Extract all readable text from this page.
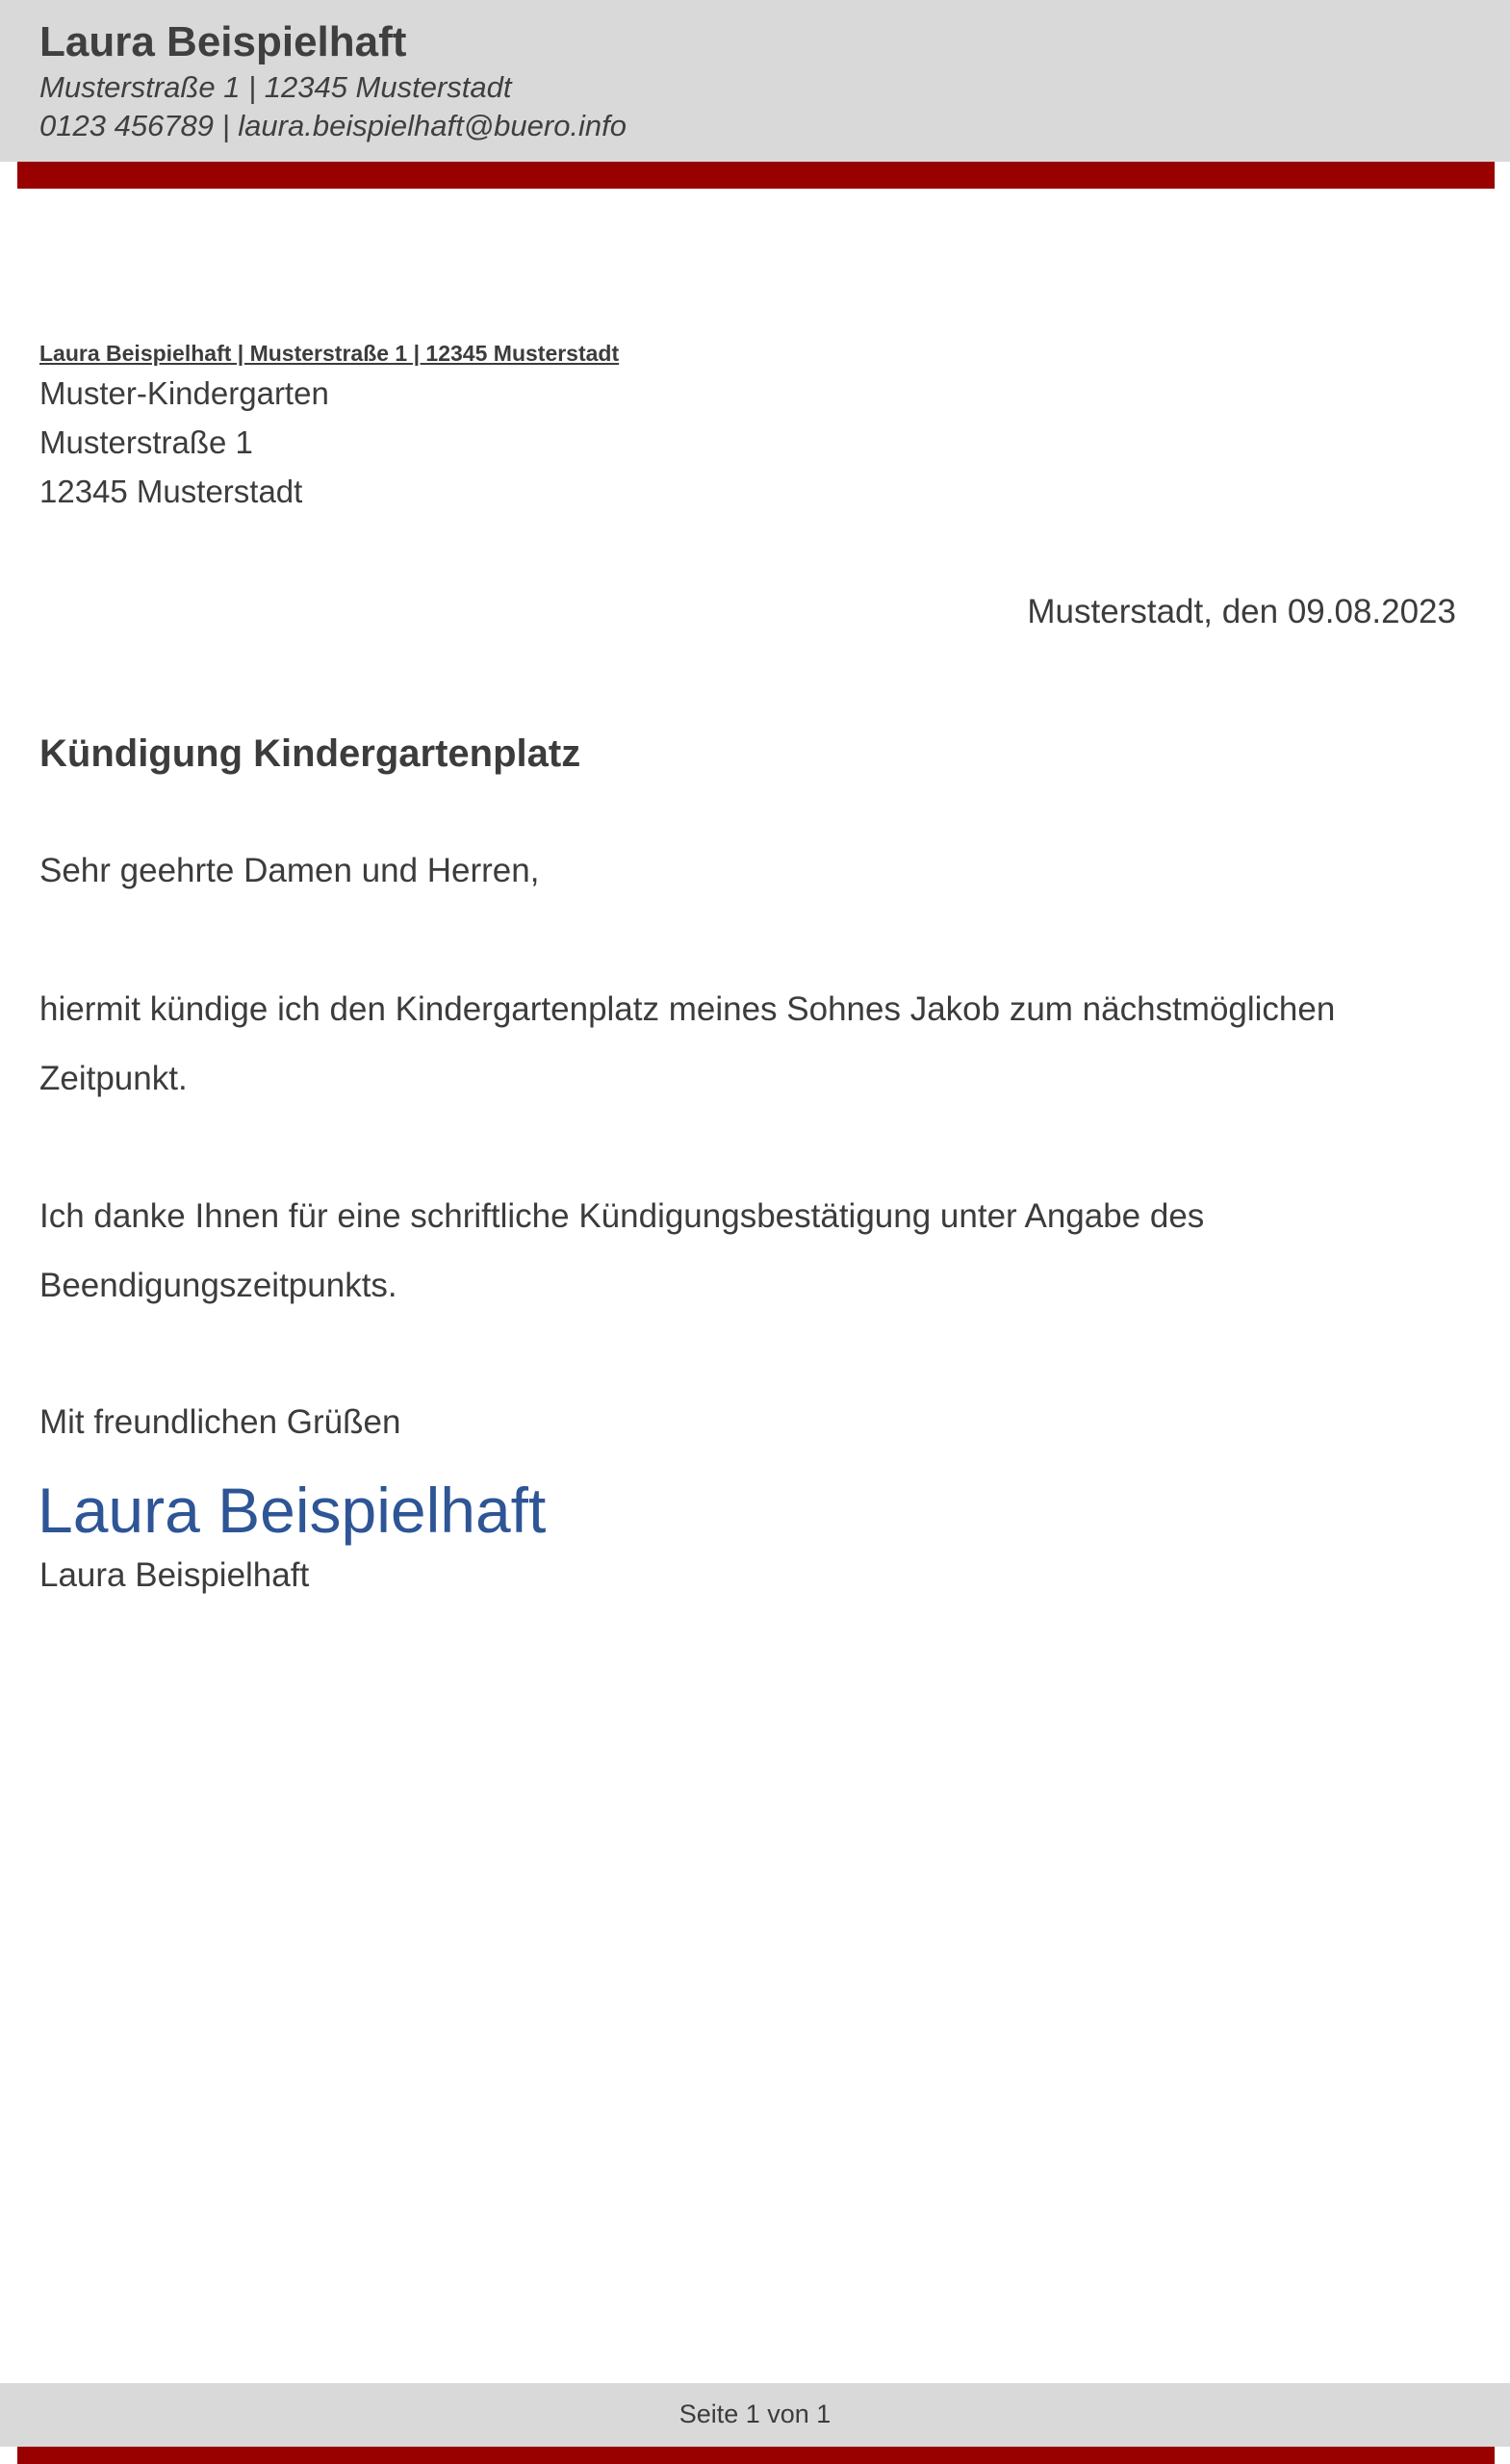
Laura Beispielhaft
Musterstraße 1 | 12345 Musterstadt
0123 456789 | laura.beispielhaft@buero.info
Laura Beispielhaft | Musterstraße 1 | 12345 Musterstadt
Muster-Kindergarten
Musterstraße 1
12345 Musterstadt
Musterstadt, den 09.08.2023
Kündigung Kindergartenplatz
Sehr geehrte Damen und Herren,
hiermit kündige ich den Kindergartenplatz meines Sohnes Jakob zum nächstmöglichen Zeitpunkt.
Ich danke Ihnen für eine schriftliche Kündigungsbestätigung unter Angabe des Beendigungszeitpunkts.
Mit freundlichen Grüßen
Laura Beispielhaft
Laura Beispielhaft
Seite 1 von 1
